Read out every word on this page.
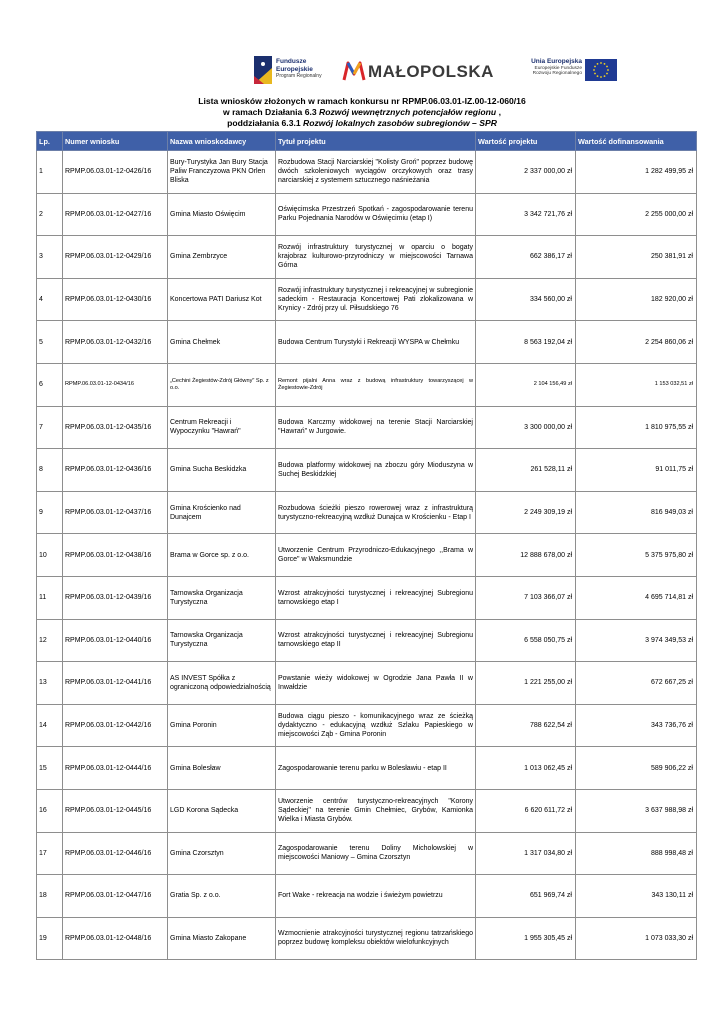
Fundusze
Europejskie
Program Regionalny	MAŁOPOLSKA
Unia Europejska
Europejskie Fundusze
Rozwoju Regionalnego
Lista wniosków złożonych w ramach konkursu nr RPMP.06.03.01-IZ.00-12-060/16
w ramach Działania 6.3 Rozwój wewnętrznych potencjałów regionu ,
poddziałania 6.3.1 Rozwój lokalnych zasobów subregionów – SPR
Lp.	Numer wniosku	Nazwa wnioskodawcy	Tytuł projektu	Wartość projektu	Wartość dofinansowania
1	RPMP.06.03.01-12-0426/16	Bury-Turystyka Jan Bury Stacja Paliw Franczyzowa PKN Orlen Bliska	Rozbudowa Stacji Narciarskiej "Kolisty Groń" poprzez budowę dwóch szkoleniowych wyciągów orczykowych oraz trasy narciarskiej z systemem sztucznego naśnieżania	2 337 000,00 zł	1 282 499,95 zł
2	RPMP.06.03.01-12-0427/16	Gmina Miasto Oświęcim	Oświęcimska Przestrzeń Spotkań - zagospodarowanie terenu Parku Pojednania Narodów w Oświęcimiu (etap I)	3 342 721,76 zł	2 255 000,00 zł
3	RPMP.06.03.01-12-0429/16	Gmina Zembrzyce	Rozwój infrastruktury turystycznej w oparciu o bogaty krajobraz kulturowo-przyrodniczy w miejscowości Tarnawa Górna	662 386,17 zł	250 381,91 zł
4	RPMP.06.03.01-12-0430/16	Koncertowa PATI Dariusz Kot	Rozwój infrastruktury turystycznej i rekreacyjnej w subregionie sadeckim - Restauracja Koncertowej Pati zlokalizowana w Krynicy - Zdrój przy ul. Piłsudskiego 76	334 560,00 zł	182 920,00 zł
5	RPMP.06.03.01-12-0432/16	Gmina Chełmek	Budowa Centrum Turystyki i Rekreacji WYSPA w Chełmku	8 563 192,04 zł	2 254 860,06 zł
6	RPMP.06.03.01-12-0434/16	„Cechini Żegiestów-Zdrój Główny" Sp. z o.o.	Remont pijalni Anna wraz z budową infrastruktury towarzyszącej w Żegiestowie-Zdrój	2 104 156,49 zł	1 153 032,51 zł
7	RPMP.06.03.01-12-0435/16	Centrum Rekreacji i Wypoczynku "Hawrań"	Budowa Karczmy widokowej na terenie Stacji Narciarskiej "Hawrań" w Jurgowie.	3 300 000,00 zł	1 810 975,55 zł
8	RPMP.06.03.01-12-0436/16	Gmina Sucha Beskidzka	Budowa platformy widokowej na zboczu góry Mioduszyna w Suchej Beskidzkiej	261 528,11 zł	91 011,75 zł
9	RPMP.06.03.01-12-0437/16	Gmina Krościenko nad Dunajcem	Rozbudowa ścieżki pieszo rowerowej wraz z infrastrukturą turystyczno-rekreacyjną wzdłuż Dunajca w Krościenku - Etap I	2 249 309,19 zł	816 949,03 zł
10	RPMP.06.03.01-12-0438/16	Brama w Gorce sp. z o.o.	Utworzenie Centrum Przyrodniczo-Edukacyjnego ,,Brama w Gorce" w Waksmundzie	12 888 678,00 zł	5 375 975,80 zł
11	RPMP.06.03.01-12-0439/16	Tarnowska Organizacja Turystyczna	Wzrost atrakcyjności turystycznej i rekreacyjnej Subregionu tarnowskiego etap I	7 103 366,07 zł	4 695 714,81 zł
12	RPMP.06.03.01-12-0440/16	Tarnowska Organizacja Turystyczna	Wzrost atrakcyjności turystycznej i rekreacyjnej Subregionu tarnowskiego etap II	6 558 050,75 zł	3 974 349,53 zł
13	RPMP.06.03.01-12-0441/16	AS INVEST Spółka z ograniczoną odpowiedzialnością	Powstanie wieży widokowej w Ogrodzie Jana Pawła II w Inwałdzie	1 221 255,00 zł	672 667,25 zł
14	RPMP.06.03.01-12-0442/16	Gmina Poronin	Budowa ciągu pieszo - komunikacyjnego wraz ze ścieżką dydaktyczno - edukacyjną wzdłuż Szlaku Papieskiego w miejscowości Ząb - Gmina Poronin	788 622,54 zł	343 736,76 zł
15	RPMP.06.03.01-12-0444/16	Gmina Bolesław	Zagospodarowanie terenu parku w Bolesławiu - etap II	1 013 062,45 zł	589 906,22 zł
16	RPMP.06.03.01-12-0445/16	LGD Korona Sądecka	Utworzenie centrów turystyczno-rekreacyjnych "Korony Sądeckiej" na terenie Gmin Chełmiec, Grybów, Kamionka Wielka i Miasta Grybów.	6 620 611,72 zł	3 637 988,98 zł
17	RPMP.06.03.01-12-0446/16	Gmina Czorsztyn	Zagospodarowanie terenu Doliny Micholowskiej w miejscowości Maniowy – Gmina Czorsztyn	1 317 034,80 zł	888 998,48 zł
18	RPMP.06.03.01-12-0447/16	Gratia Sp. z o.o.	Fort Wake - rekreacja na wodzie i świeżym powietrzu	651 969,74 zł	343 130,11 zł
19	RPMP.06.03.01-12-0448/16	Gmina Miasto Zakopane	Wzmocnienie atrakcyjności turystycznej regionu tatrzańskiego poprzez budowę kompleksu obiektów wielofunkcyjnych	1 955 305,45 zł	1 073 033,30 zł
